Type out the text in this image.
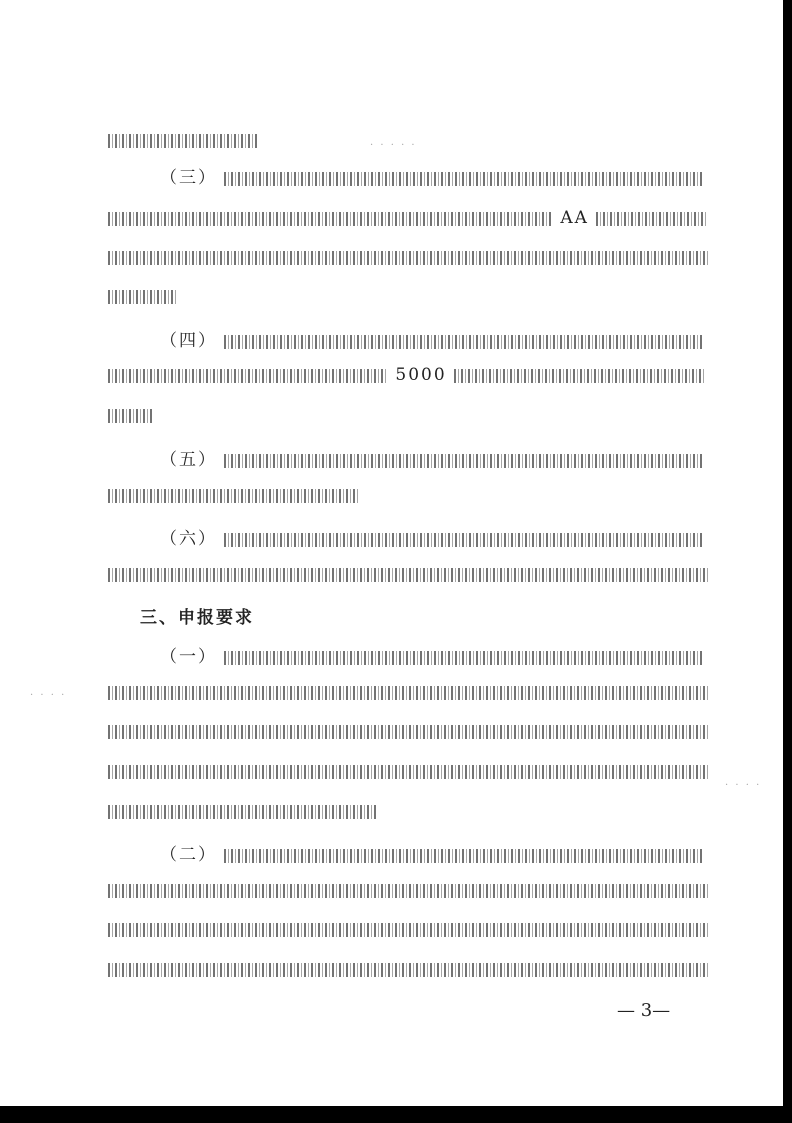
（三）
AA
（四）
5000
（五）
（六）
三、申报要求
（一）
（二）
— 3—
· · · · ·
· · · ·
· · · ·
